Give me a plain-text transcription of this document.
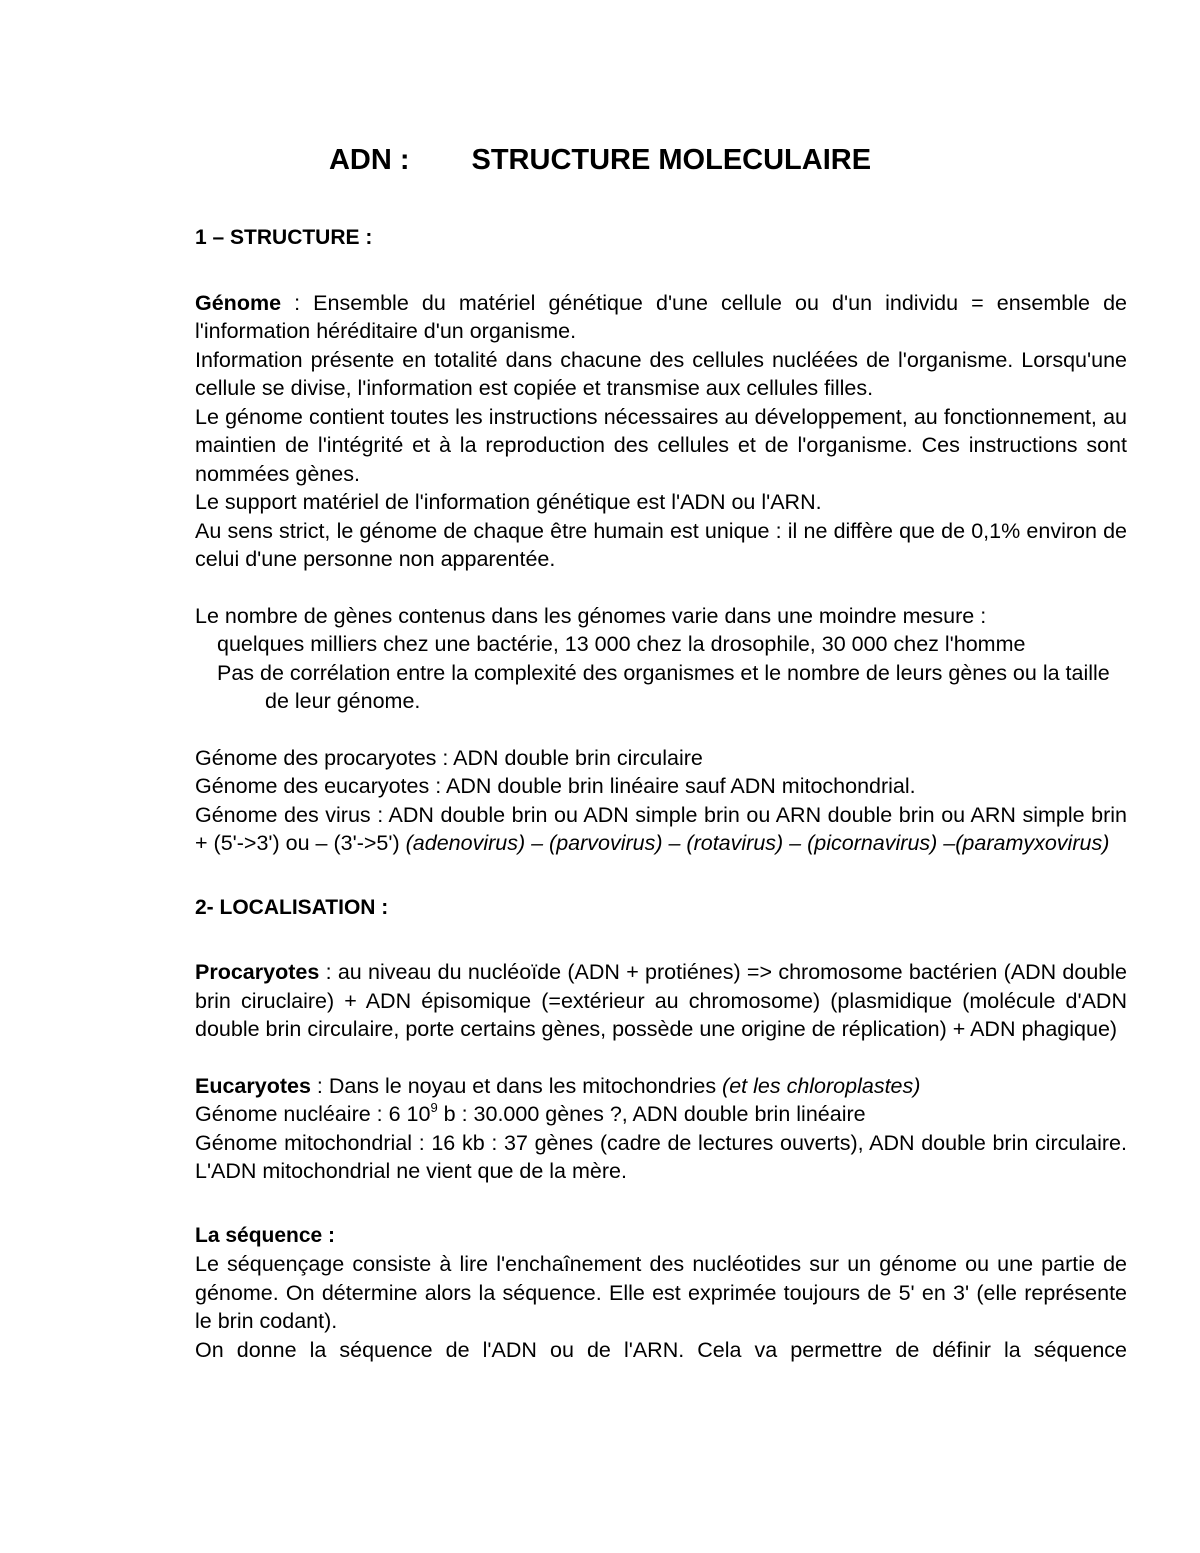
ADN : STRUCTURE MOLECULAIRE

1 – STRUCTURE :

Génome : Ensemble du matériel génétique d'une cellule ou d'un individu = ensemble de l'information héréditaire d'un organisme.

Information présente en totalité dans chacune des cellules nucléées de l'organisme. Lorsqu'une cellule se divise, l'information est copiée et transmise aux cellules filles.

Le génome contient toutes les instructions nécessaires au développement, au fonctionnement, au maintien de l'intégrité et à la reproduction des cellules et de l'organisme. Ces instructions sont nommées gènes.

Le support matériel de l'information génétique est l'ADN ou l'ARN.

Au sens strict, le génome de chaque être humain est unique : il ne diffère que de 0,1% environ de celui d'une personne non apparentée.

Le nombre de gènes contenus dans les génomes varie dans une moindre mesure :

quelques milliers chez une bactérie, 13 000 chez la drosophile, 30 000 chez l'homme

Pas de corrélation entre la complexité des organismes et le nombre de leurs gènes ou la taille de leur génome.

Génome des procaryotes : ADN double brin circulaire

Génome des eucaryotes : ADN double brin linéaire sauf ADN mitochondrial.

Génome des virus : ADN double brin ou ADN simple brin ou ARN double brin ou ARN simple brin + (5'->3') ou – (3'->5') (adenovirus) – (parvovirus) – (rotavirus) – (picornavirus) –(paramyxovirus)

2- LOCALISATION :

Procaryotes : au niveau du nucléoïde (ADN + protiénes) => chromosome bactérien (ADN double brin ciruclaire) + ADN épisomique (=extérieur au chromosome) (plasmidique (molécule d'ADN double brin circulaire, porte certains gènes, possède une origine de réplication) + ADN phagique)

Eucaryotes : Dans le noyau et dans les mitochondries (et les chloroplastes)

Génome nucléaire : 6 $10^9$ b : 30.000 gènes ?, ADN double brin linéaire

Génome mitochondrial : 16 kb : 37 gènes (cadre de lectures ouverts), ADN double brin circulaire. L'ADN mitochondrial ne vient que de la mère.

La séquence :

Le séquençage consiste à lire l'enchaînement des nucléotides sur un génome ou une partie de génome. On détermine alors la séquence. Elle est exprimée toujours de 5' en 3' (elle représente le brin codant).

On donne la séquence de l'ADN ou de l'ARN. Cela va permettre de définir la séquence
